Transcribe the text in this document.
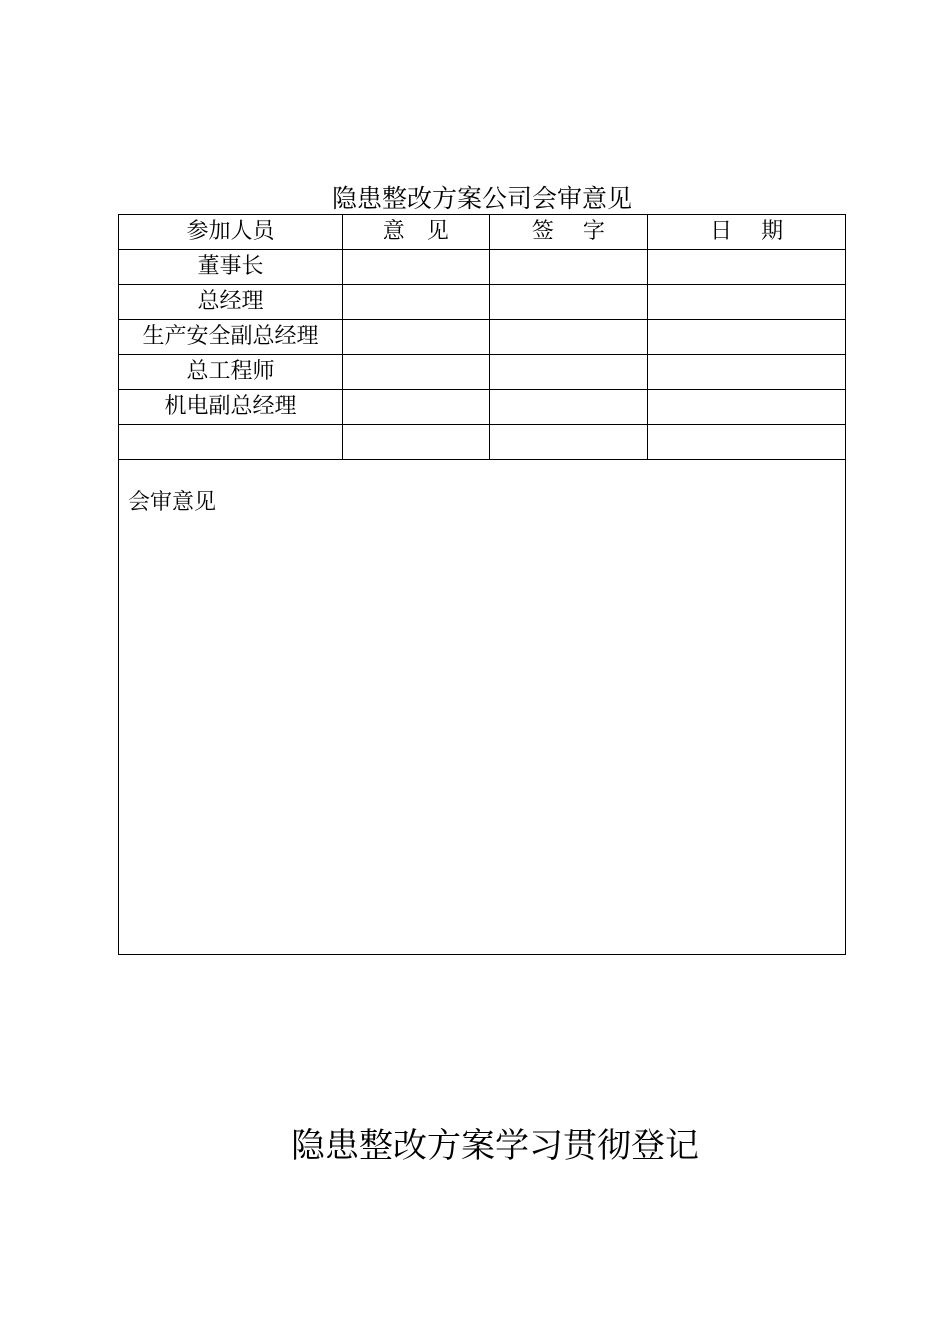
隐患整改方案公司会审意见
参加人员	意　见	签　 字	日　 期
董事长			
总经理			
生产安全副总经理			
总工程师			
机电副总经理			

会审意见			
隐患整改方案学习贯彻登记
